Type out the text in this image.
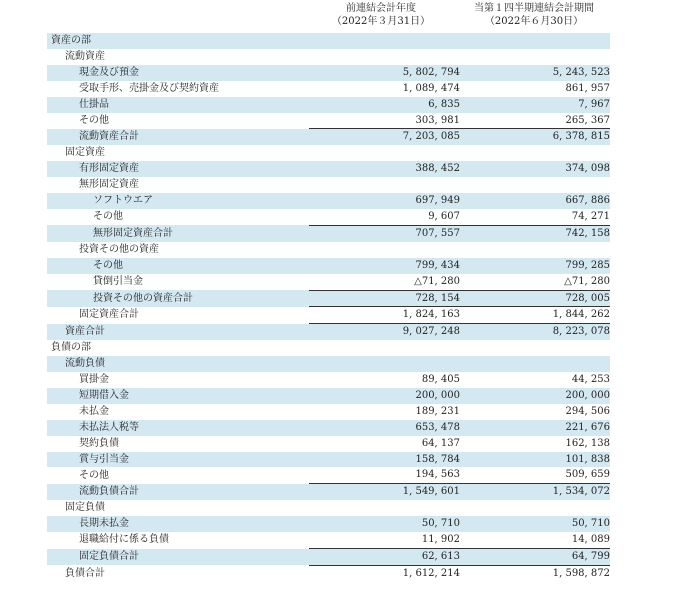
前連結会計年度
（2022年３月31日）
当第１四半期連結会計期間
（2022年６月30日）
資産の部		
流動資産		
現金及び預金	5, 802, 794	5, 243, 523
受取手形、売掛金及び契約資産	1, 089, 474	861, 957
仕掛品	6, 835	7, 967
その他	303, 981	265, 367
流動資産合計	7, 203, 085	6, 378, 815
固定資産		
有形固定資産	388, 452	374, 098
無形固定資産		
ソフトウエア	697, 949	667, 886
その他	9, 607	74, 271
無形固定資産合計	707, 557	742, 158
投資その他の資産		
その他	799, 434	799, 285
貸倒引当金	△71, 280	△71, 280
投資その他の資産合計	728, 154	728, 005
固定資産合計	1, 824, 163	1, 844, 262
資産合計	9, 027, 248	8, 223, 078
負債の部		
流動負債		
買掛金	89, 405	44, 253
短期借入金	200, 000	200, 000
未払金	189, 231	294, 506
未払法人税等	653, 478	221, 676
契約負債	64, 137	162, 138
賞与引当金	158, 784	101, 838
その他	194, 563	509, 659
流動負債合計	1, 549, 601	1, 534, 072
固定負債		
長期未払金	50, 710	50, 710
退職給付に係る負債	11, 902	14, 089
固定負債合計	62, 613	64, 799
負債合計	1, 612, 214	1, 598, 872
